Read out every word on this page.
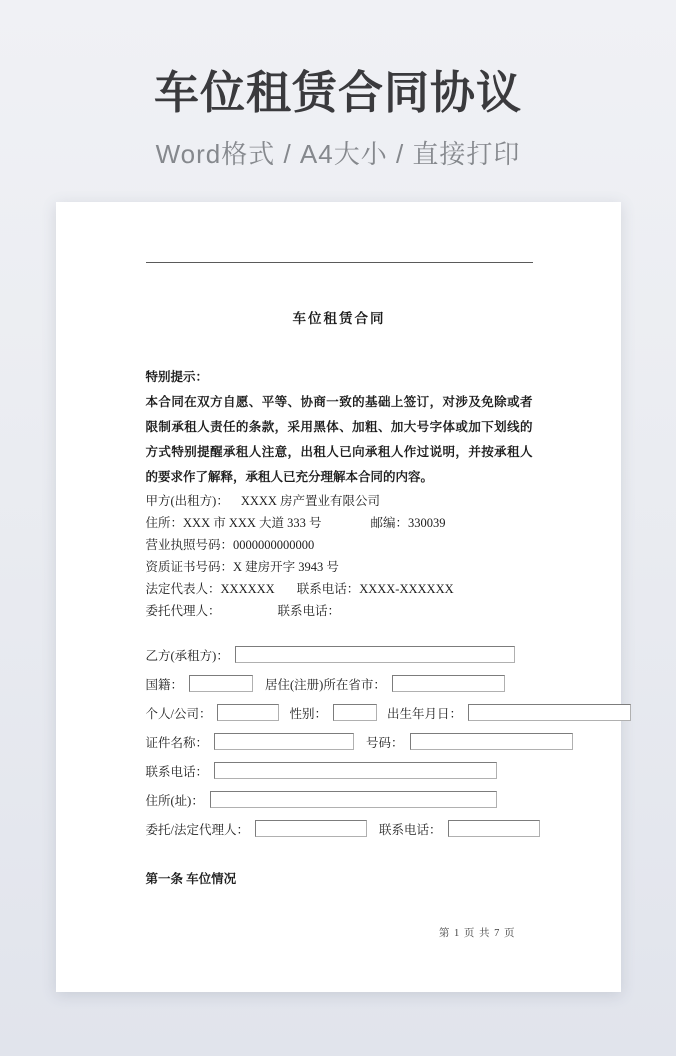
车位租赁合同协议
Word格式 / A4大小 / 直接打印
车位租赁合同
特别提示：
本合同在双方自愿、平等、协商一致的基础上签订，对涉及免除或者限制承租人责任的条款，采用黑体、加粗、加大号字体或加下划线的方式特别提醒承租人注意，出租人已向承租人作过说明，并按承租人的要求作了解释，承租人已充分理解本合同的内容。
甲方(出租方)： XXXX 房产置业有限公司
住所：XXX 市 XXX 大道 333 号	邮编：330039
营业执照号码：0000000000000
资质证书号码：X 建房开字 3943 号
法定代表人：XXXXXX 联系电话：XXXX-XXXXXX
委托代理人：	联系电话：
乙方(承租方)：
国籍：	居住(注册)所在省市：
个人/公司：	性别：	出生年月日：
证件名称：	号码：
联系电话：
住所(址)：
委托/法定代理人：	联系电话：
第一条 车位情况
第 1 页 共 7 页
